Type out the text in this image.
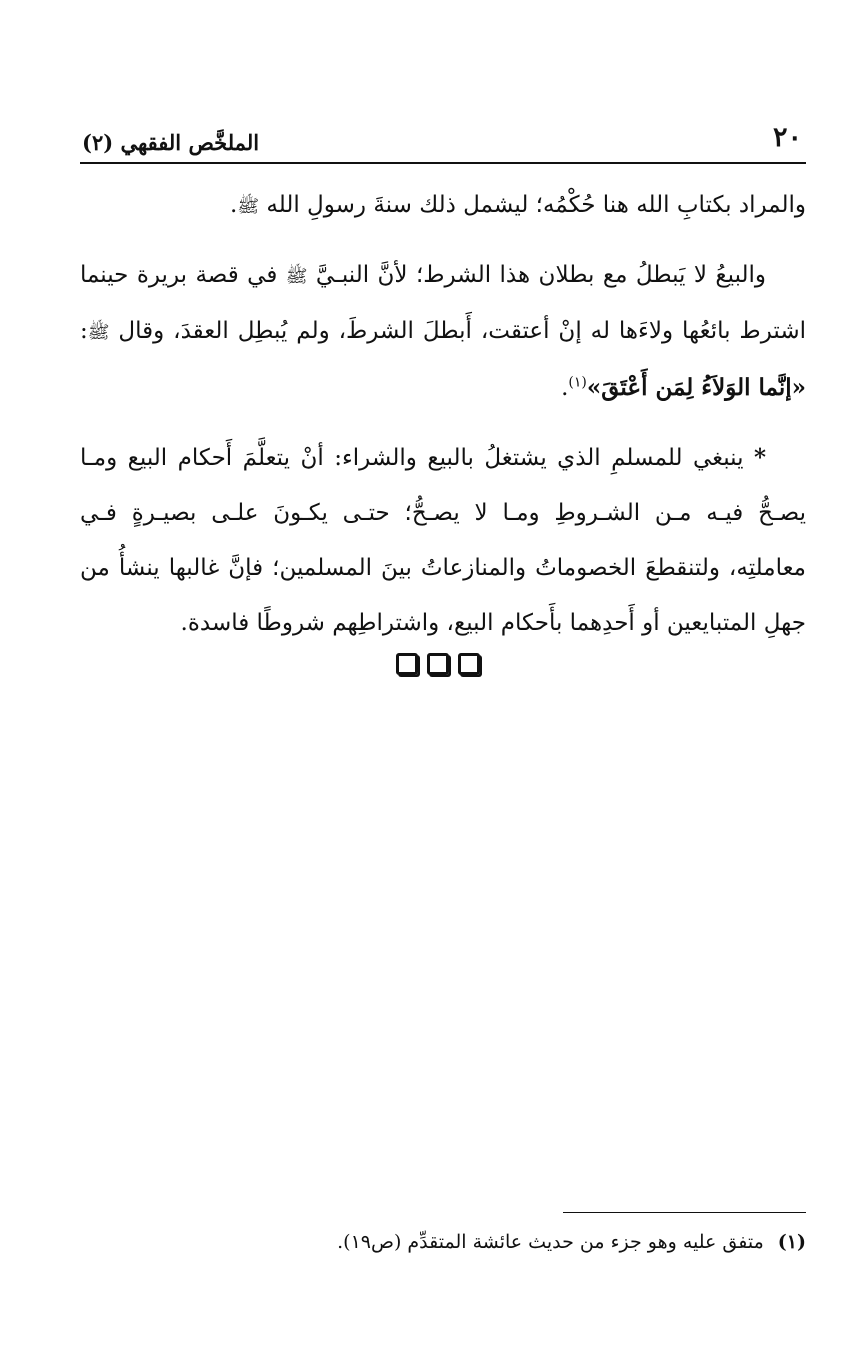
٢٠
الملخَّص الفقهي (٢)

والمراد بكتابِ الله هنا حُكْمُه؛ ليشمل ذلك سنةَ رسولِ الله ﷺ.

والبيعُ لا يَبطلُ مع بطلان هذا الشرط؛ لأنَّ النبـيَّ ﷺ في قصة بريرة حينما اشترط بائعُها ولاءَها له إنْ أعتقت، أَبطلَ الشرطَ، ولم يُبطِل العقدَ، وقال ﷺ: «إنَّما الوَلاَءُ لِمَن أَعْتَقَ»$^{(١)}$.

* ينبغي للمسلمِ الذي يشتغلُ بالبيع والشراء: أنْ يتعلَّمَ أَحكام البيع ومـا يصـحُّ فيـه مـن الشـروطِ ومـا لا يصـحُّ؛ حتـى يكـونَ علـى بصيـرةٍ فـي معاملتِه، ولتنقطعَ الخصوماتُ والمنازعاتُ بينَ المسلمين؛ فإنَّ غالبها ينشأُ من جهلِ المتبايعين أو أَحدِهما بأَحكام البيع، واشتراطِهم شروطًا فاسدة.

(١)متفق عليه وهو جزء من حديث عائشة المتقدِّم (ص١٩).
